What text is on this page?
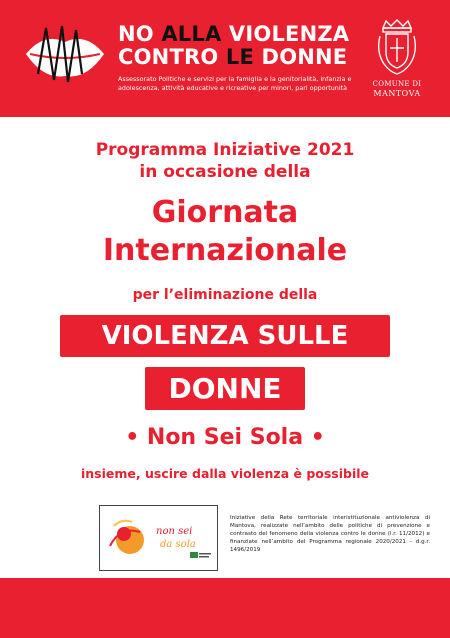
NO ALLA VIOLENZA
CONTRO LE DONNE
Assessorato Politiche e servizi per la famiglia e la genitorialità, infanzia e adolescenza, attività educative e ricreative per minori, pari opportunità	COMUNE DI
MANTOVA
Programma Iniziative 2021
in occasione della
Giornata
Internazionale
per l’eliminazione della
VIOLENZA SULLE
DONNE
• Non Sei Sola •
insieme, uscire dalla violenza è possibile
non sei
da sola
Iniziative della Rete territoriale interistituzionale antiviolenza di Mantova, realizzate nell’ambito delle politiche di prevenzione e contrasto del fenomeno della violenza contro le donne (l.r. 11/2012) e finanziate nell’ambito del Programma regionale 2020/2021 - d.g.r. 1496/2019
